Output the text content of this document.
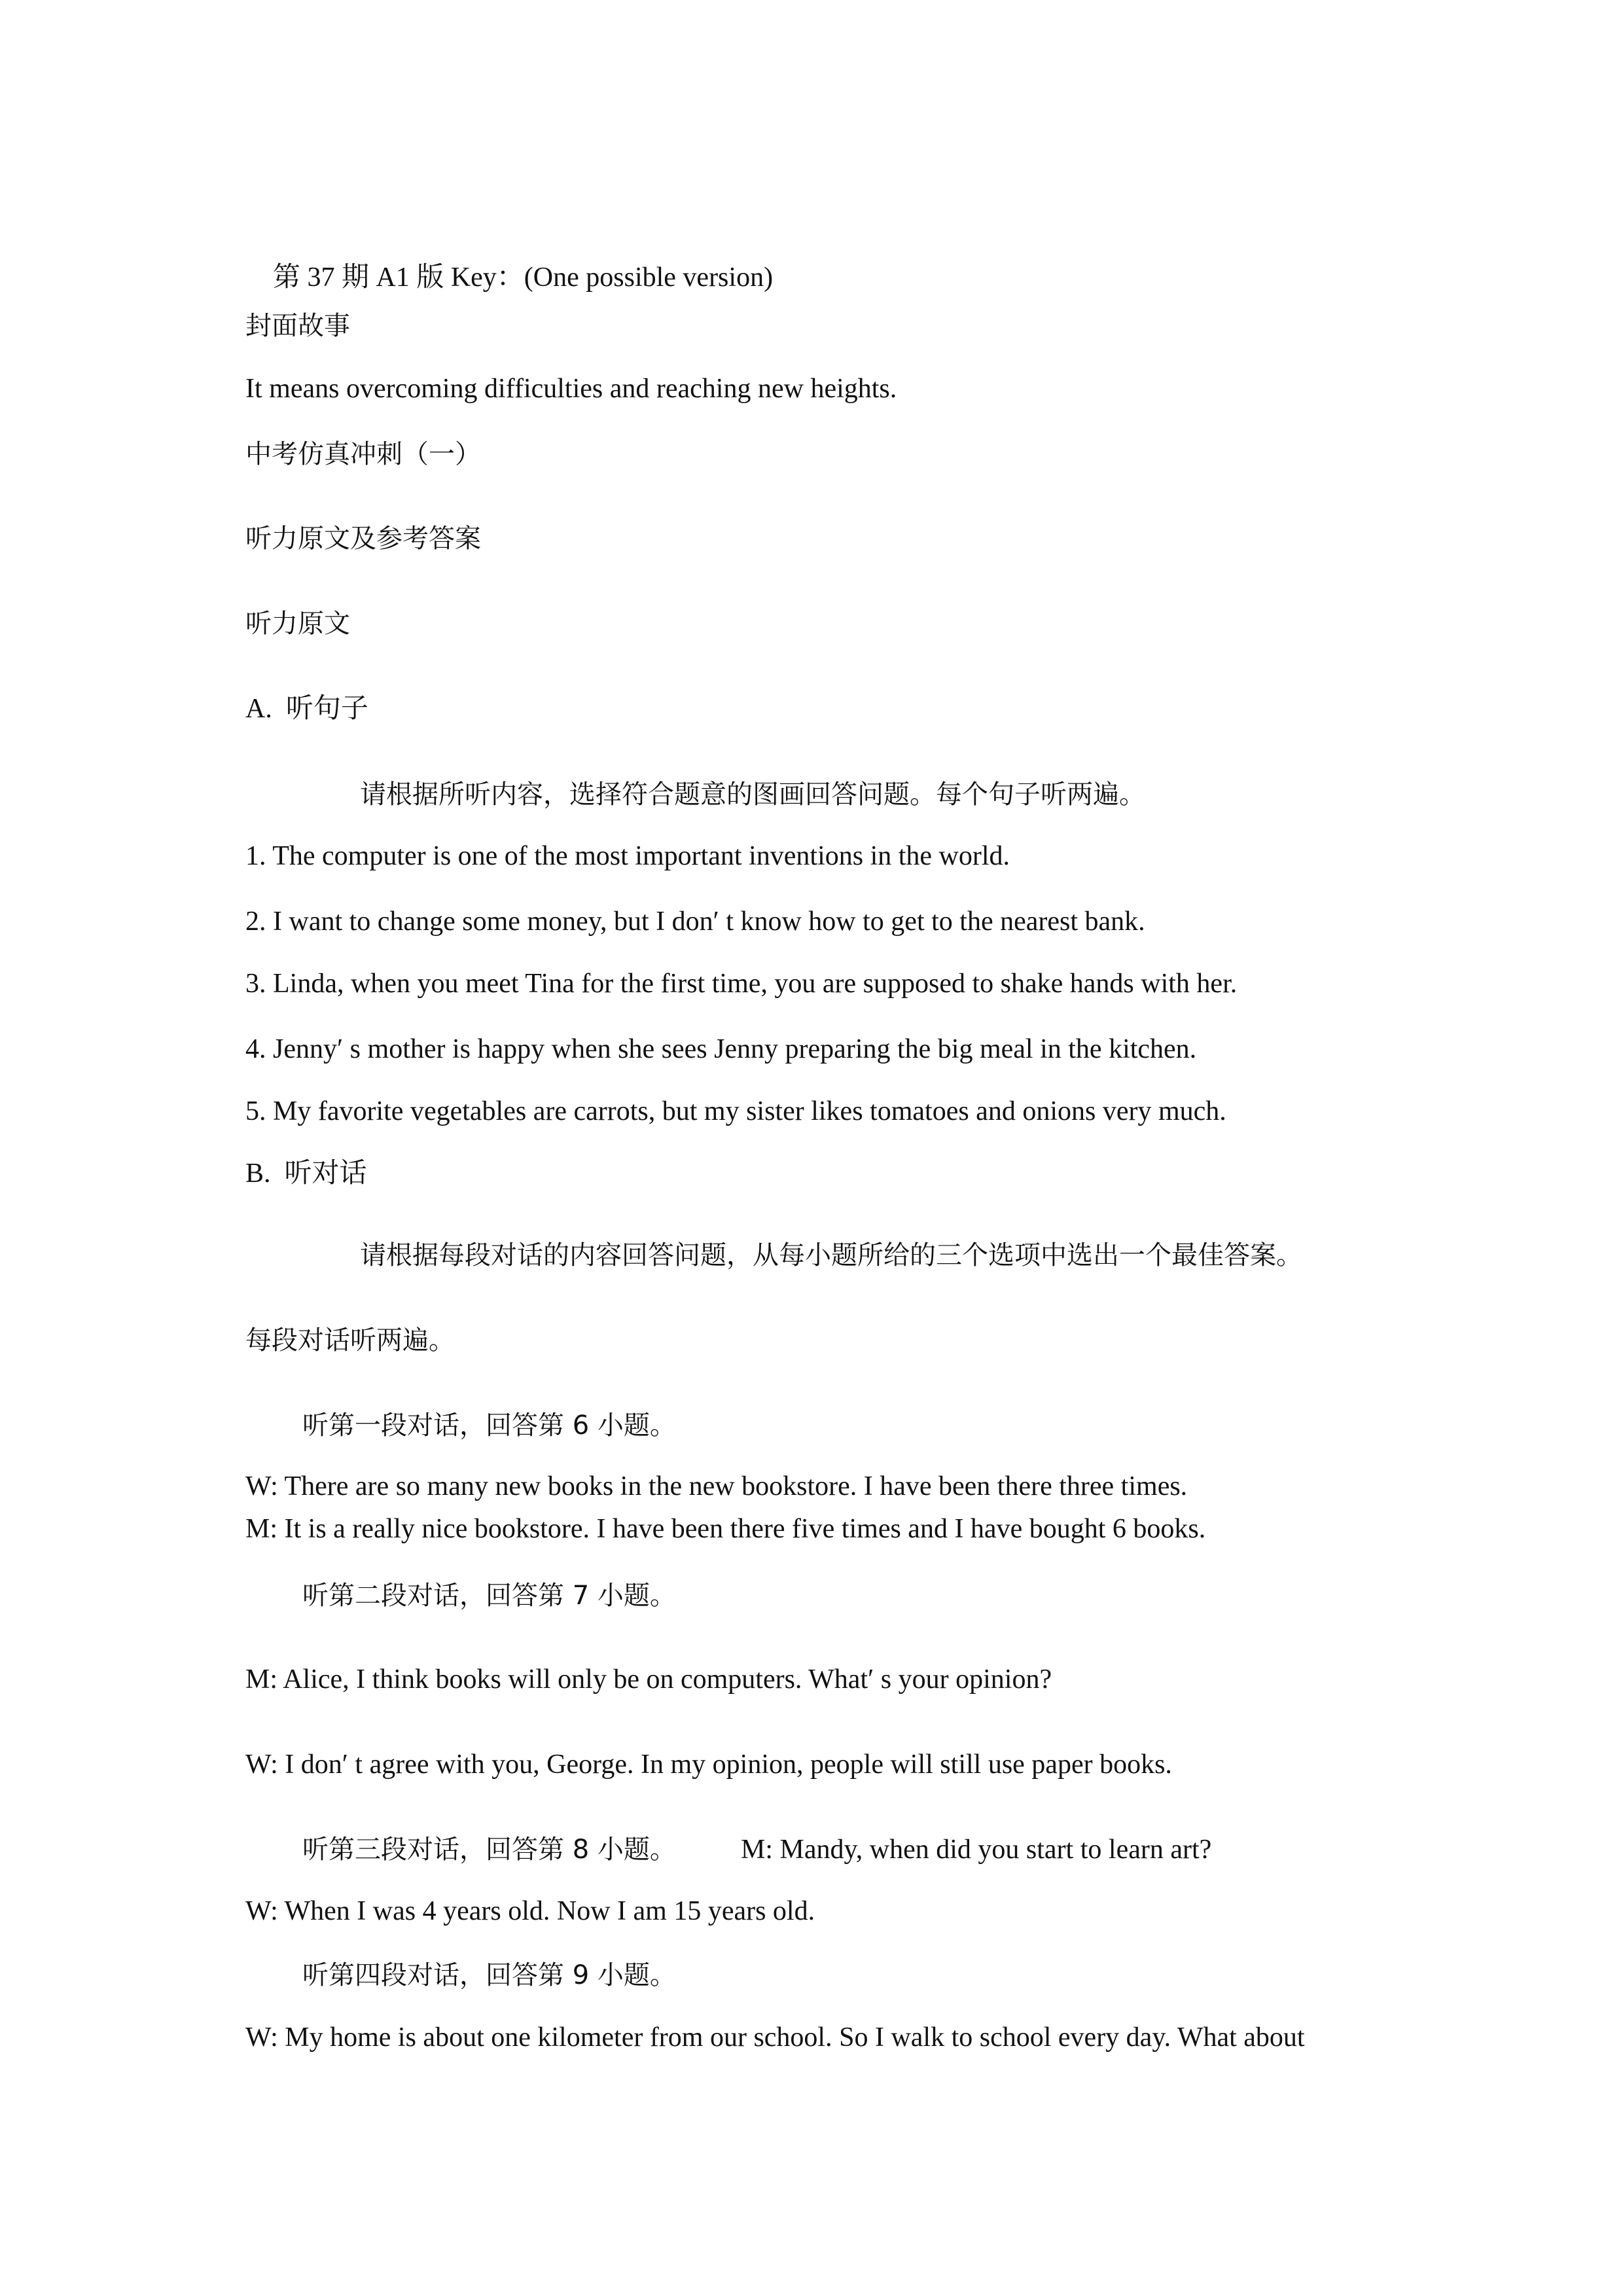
第 37 期 A1 版 Key：(One possible version)

封面故事
It means overcoming difficulties and reaching new heights.
中考仿真冲刺（一）
听力原文及参考答案
听力原文
A.  听句子
请根据所听内容，选择符合题意的图画回答问题。每个句子听两遍。
1. The computer is one of the most important inventions in the world.
2. I want to change some money, but I don′ t know how to get to the nearest bank.
3. Linda, when you meet Tina for the first time, you are supposed to shake hands with her.
4. Jenny′ s mother is happy when she sees Jenny preparing the big meal in the kitchen.
5. My favorite vegetables are carrots, but my sister likes tomatoes and onions very much.
B.  听对话
请根据每段对话的内容回答问题，从每小题所给的三个选项中选出一个最佳答案。
每段对话听两遍。
听第一段对话，回答第 6 小题。
W: There are so many new books in the new bookstore. I have been there three times.
M: It is a really nice bookstore. I have been there five times and I have bought 6 books.
听第二段对话，回答第 7 小题。
M: Alice, I think books will only be on computers. What′ s your opinion?
W: I don′ t agree with you, George. In my opinion, people will still use paper books.
听第三段对话，回答第 8 小题。 M: Mandy, when did you start to learn art?
W: When I was 4 years old. Now I am 15 years old.
听第四段对话，回答第 9 小题。
W: My home is about one kilometer from our school. So I walk to school every day. What about
